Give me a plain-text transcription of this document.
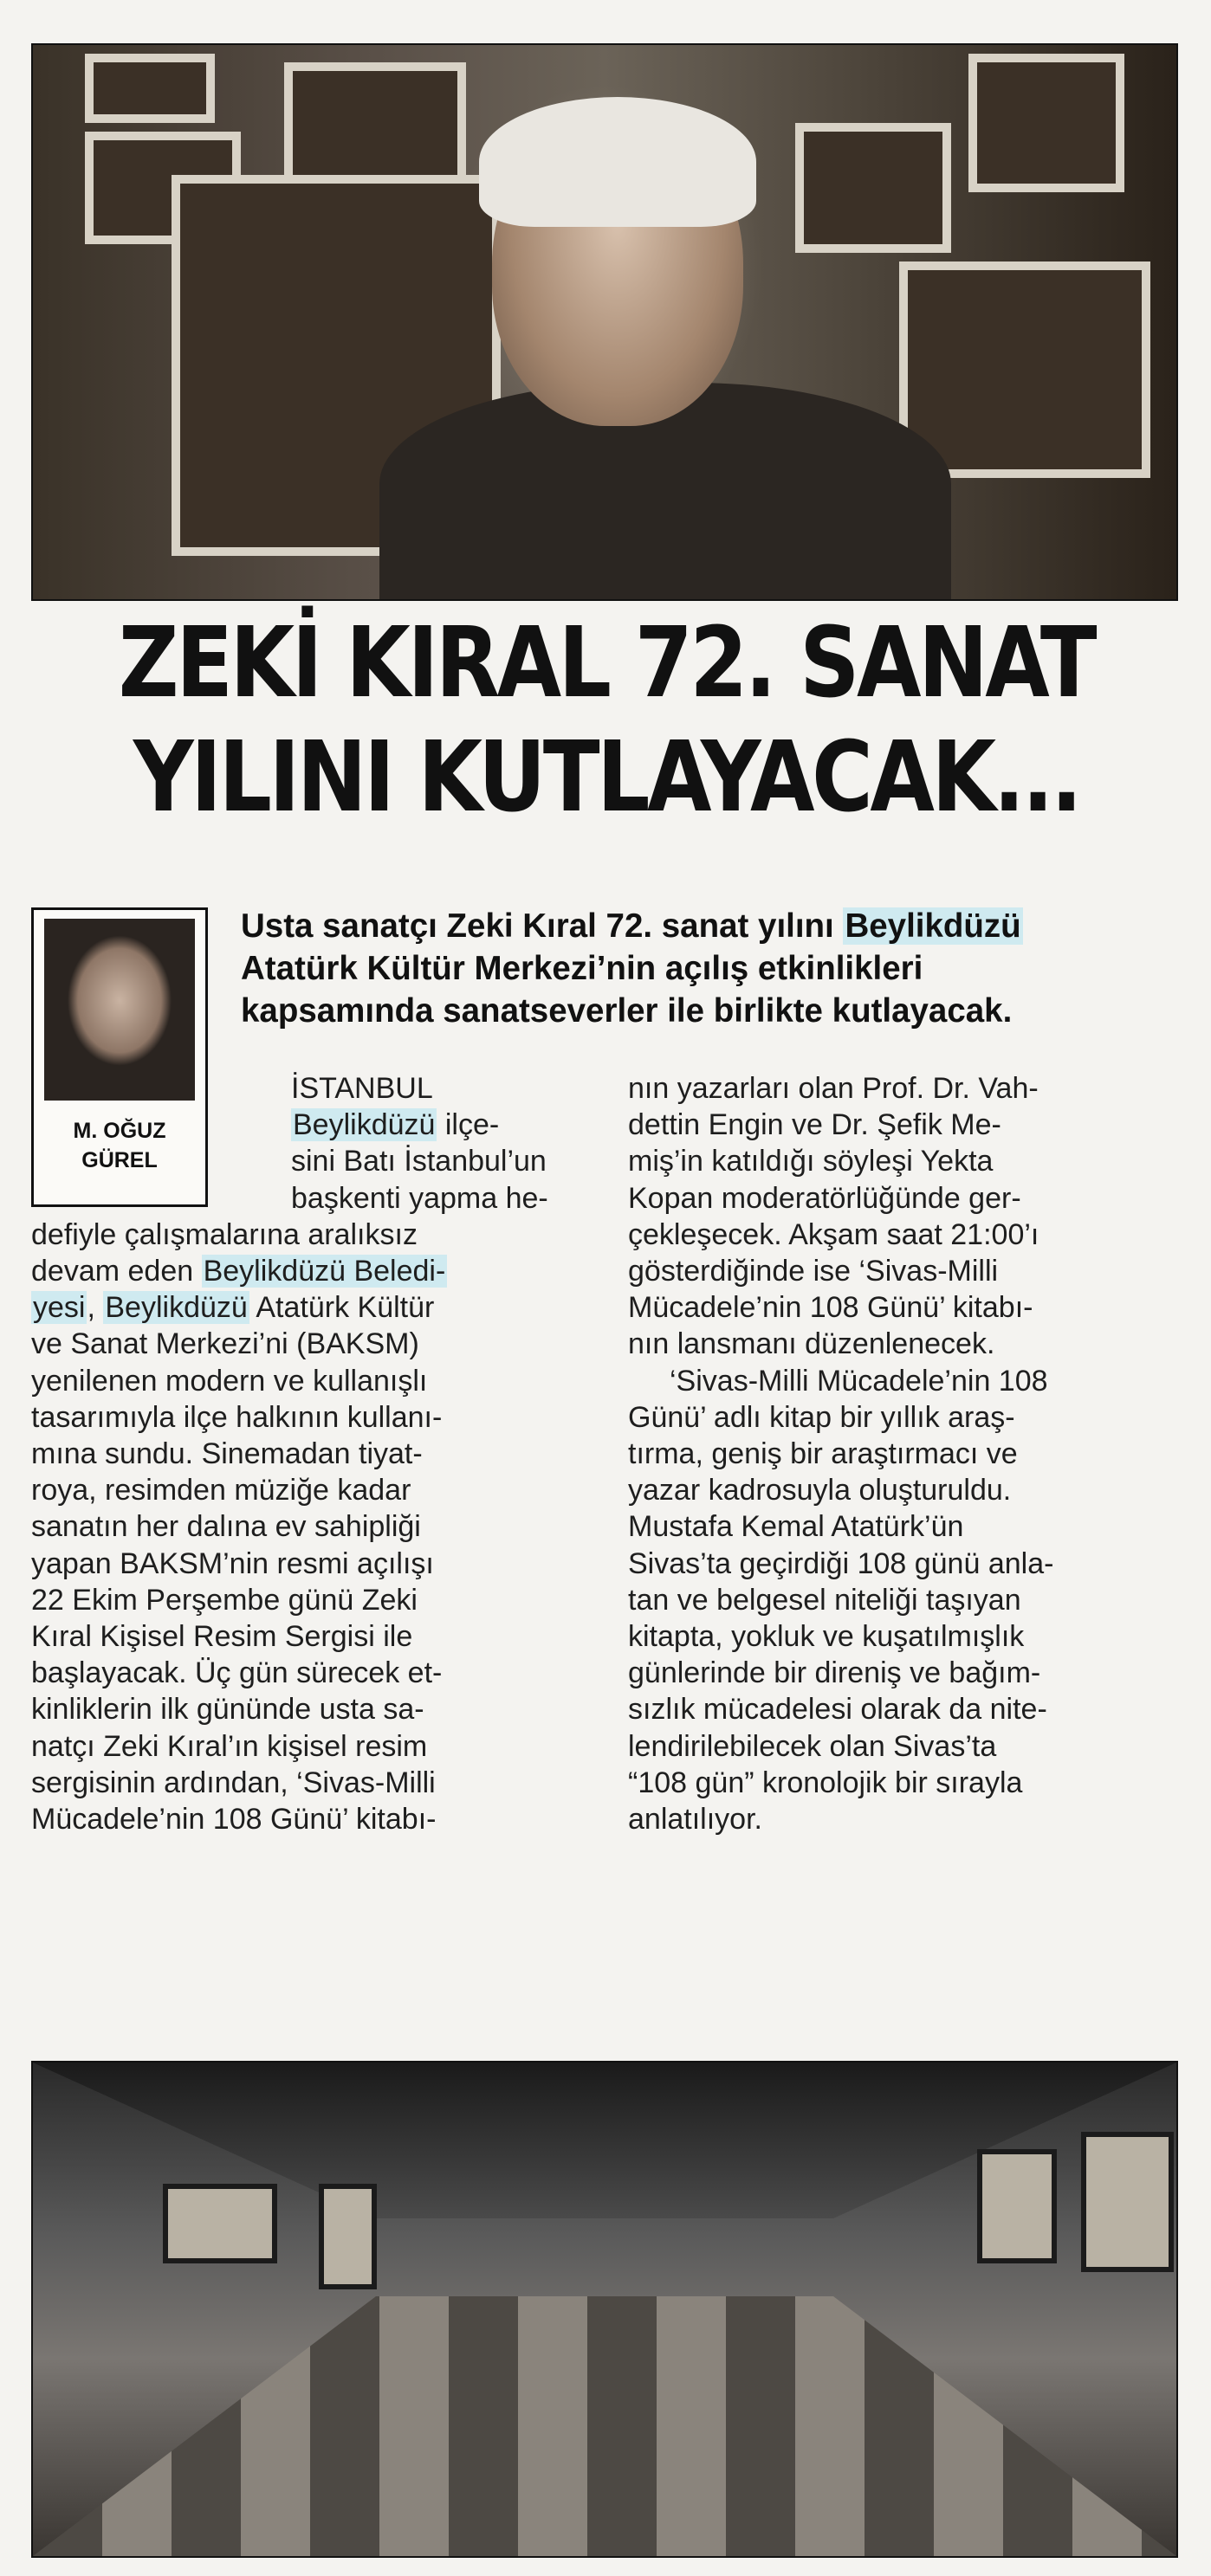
ZEKİ KIRAL 72. SANAT
YILINI KUTLAYACAK...
M. OĞUZ
GÜREL

Usta sanatçı Zeki Kıral 72. sanat yılını Beylikdüzü
Atatürk Kültür Merkezi’nin açılış etkinlikleri
kapsamında sanatseverler ile birlikte kutlayacak.

İSTANBUL
Beylikdüzü ilçe-
sini Batı İstanbul’un
başkenti yapma he-
defiyle çalışmalarına aralıksız
devam eden Beylikdüzü Beledi-
yesi, Beylikdüzü Atatürk Kültür
ve Sanat Merkezi’ni (BAKSM)
yenilenen modern ve kullanışlı
tasarımıyla ilçe halkının kullanı-
mına sundu. Sinemadan tiyat-
roya, resimden müziğe kadar
sanatın her dalına ev sahipliği
yapan BAKSM’nin resmi açılışı
22 Ekim Perşembe günü Zeki
Kıral Kişisel Resim Sergisi ile
başlayacak. Üç gün sürecek et-
kinliklerin ilk gününde usta sa-
natçı Zeki Kıral’ın kişisel resim
sergisinin ardından, ‘Sivas-Milli
Mücadele’nin 108 Günü’ kitabı-
nın yazarları olan Prof. Dr. Vah-
dettin Engin ve Dr. Şefik Me-
miş’in katıldığı söyleşi Yekta
Kopan moderatörlüğünde ger-
çekleşecek. Akşam saat 21:00’ı
gösterdiğinde ise ‘Sivas-Milli
Mücadele’nin 108 Günü’ kitabı-
nın lansmanı düzenlenecek.
‘Sivas-Milli Mücadele’nin 108
Günü’ adlı kitap bir yıllık araş-
tırma, geniş bir araştırmacı ve
yazar kadrosuyla oluşturuldu.
Mustafa Kemal Atatürk’ün
Sivas’ta geçirdiği 108 günü anla-
tan ve belgesel niteliği taşıyan
kitapta, yokluk ve kuşatılmışlık
günlerinde bir direniş ve bağım-
sızlık mücadelesi olarak da nite-
lendirilebilecek olan Sivas’ta
“108 gün” kronolojik bir sırayla
anlatılıyor.
